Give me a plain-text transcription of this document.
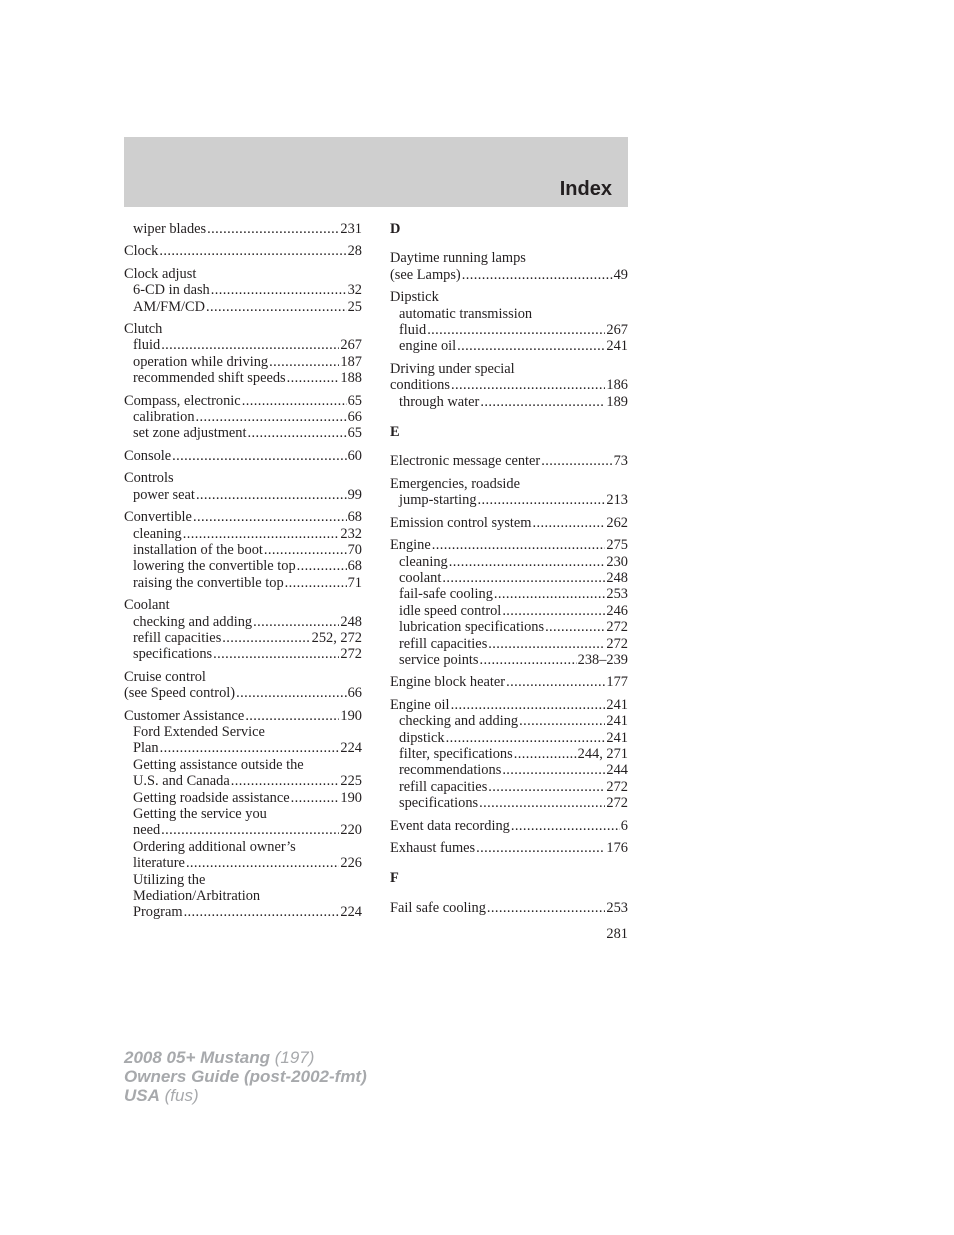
Index
wiper blades .....	231
Clock .....	28
Clock adjust
6-CD in dash .....	32
AM/FM/CD .....	25
Clutch
fluid .....	267
operation while driving .....	187
recommended shift speeds .....	188
Compass, electronic .....	65
calibration .....	66
set zone adjustment .....	65
Console .....	60
Controls
power seat .....	99
Convertible .....	68
cleaning .....	232
installation of the boot .....	70
lowering the convertible top .....	68
raising the convertible top .....	71
Coolant
checking and adding .....	248
refill capacities .....	252, 272
specifications .....	272
Cruise control
(see Speed control) .....	66
Customer Assistance .....	190
Ford Extended Service
Plan .....	224
Getting assistance outside the
U.S. and Canada .....	225
Getting roadside assistance .....	190
Getting the service you
need .....	220
Ordering additional owner’s
literature .....	226
Utilizing the
Mediation/Arbitration
Program .....	224
D
Daytime running lamps
(see Lamps) .....	49
Dipstick
automatic transmission
fluid .....	267
engine oil .....	241
Driving under special
conditions .....	186
through water .....	189
E
Electronic message center .....	73
Emergencies, roadside
jump-starting .....	213
Emission control system .....	262
Engine .....	275
cleaning .....	230
coolant .....	248
fail-safe cooling .....	253
idle speed control .....	246
lubrication specifications .....	272
refill capacities .....	272
service points .....	238–239
Engine block heater .....	177
Engine oil .....	241
checking and adding .....	241
dipstick .....	241
filter, specifications .....	244, 271
recommendations .....	244
refill capacities .....	272
specifications .....	272
Event data recording .....	6
Exhaust fumes .....	176
F
Fail safe cooling .....	253
281
2008 05+ Mustang (197)
Owners Guide (post-2002-fmt)
USA (fus)
